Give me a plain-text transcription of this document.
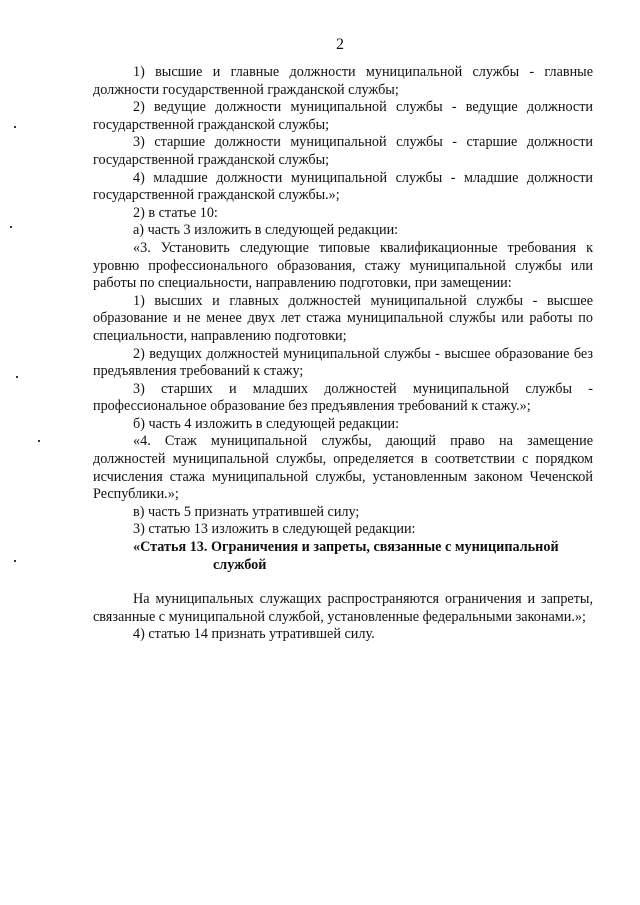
2

1) высшие и главные должности муниципальной службы - главные должности государственной гражданской службы;

2) ведущие должности муниципальной службы - ведущие должности государственной гражданской службы;

3) старшие должности муниципальной службы - старшие должности государственной гражданской службы;

4) младшие должности муниципальной службы - младшие должности государственной гражданской службы.»;

2) в статье 10:

а) часть 3 изложить в следующей редакции:

«3. Установить следующие типовые квалификационные требования к уровню профессионального образования, стажу муниципальной службы или работы по специальности, направлению подготовки, при замещении:

1) высших и главных должностей муниципальной службы - высшее образование и не менее двух лет стажа муниципальной службы или работы по специальности, направлению подготовки;

2) ведущих должностей муниципальной службы - высшее образование без предъявления требований к стажу;

3) старших и младших должностей муниципальной службы - профессиональное образование без предъявления требований к стажу.»;

б) часть 4 изложить в следующей редакции:

«4. Стаж муниципальной службы, дающий право на замещение должностей муниципальной службы, определяется в соответствии с порядком исчисления стажа муниципальной службы, установленным законом Чеченской Республики.»;

в) часть 5 признать утратившей силу;

3) статью 13 изложить в следующей редакции:

«Статья 13. Ограничения и запреты, связанные с муниципальной
службой

На муниципальных служащих распространяются ограничения и запреты, связанные с муниципальной службой, установленные федеральными законами.»;

4) статью 14 признать утратившей силу.
